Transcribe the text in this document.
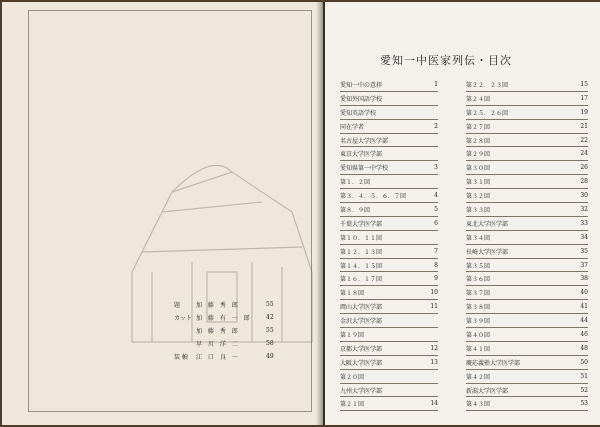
題	加 藤 秀 郎	55
カット 加 藤 有 一 郎	42
加 藤 秀 郎	55
早 川 洋 二	58
装 幀	江 口 良 一	49
愛知一中医家列伝・目次
愛知一中の意拝	1
愛知外国語学校
愛知英語学校
同在学者	2
名古屋大学医学部
東京大学医学部
愛知県第一中学校	3
第１．２回
第３．４．５．６．７回	4
第８．９回	5
千葉大学医学部	6
第１０．１１回
第１２．１３回	7
第１４．１５回	8
第１６．１７回	9
第１８回	10
岡山大学医学部	11
金沢大学医学部
第１９回
京都大学医学部	12
大阪大学医学部	13
第２０回
九州大学医学部
第２１回	14
第２２．２３回	15
第２４回	17
第２５．２６回	19
第２７回	21
第２８回	22
第２９回	24
第３０回	26
第３１回	28
第３２回	30
第３３回	32
東北大学医学部	33
第３４回	34
長崎大学医学部	35
第３５回	37
第３６回	38
第３７回	40
第３８回	41
第３９回	44
第４０回	46
第４１回	48
慶応義塾大学医学部	50
第４２回	51
新潟大学医学部	52
第４３回	53
